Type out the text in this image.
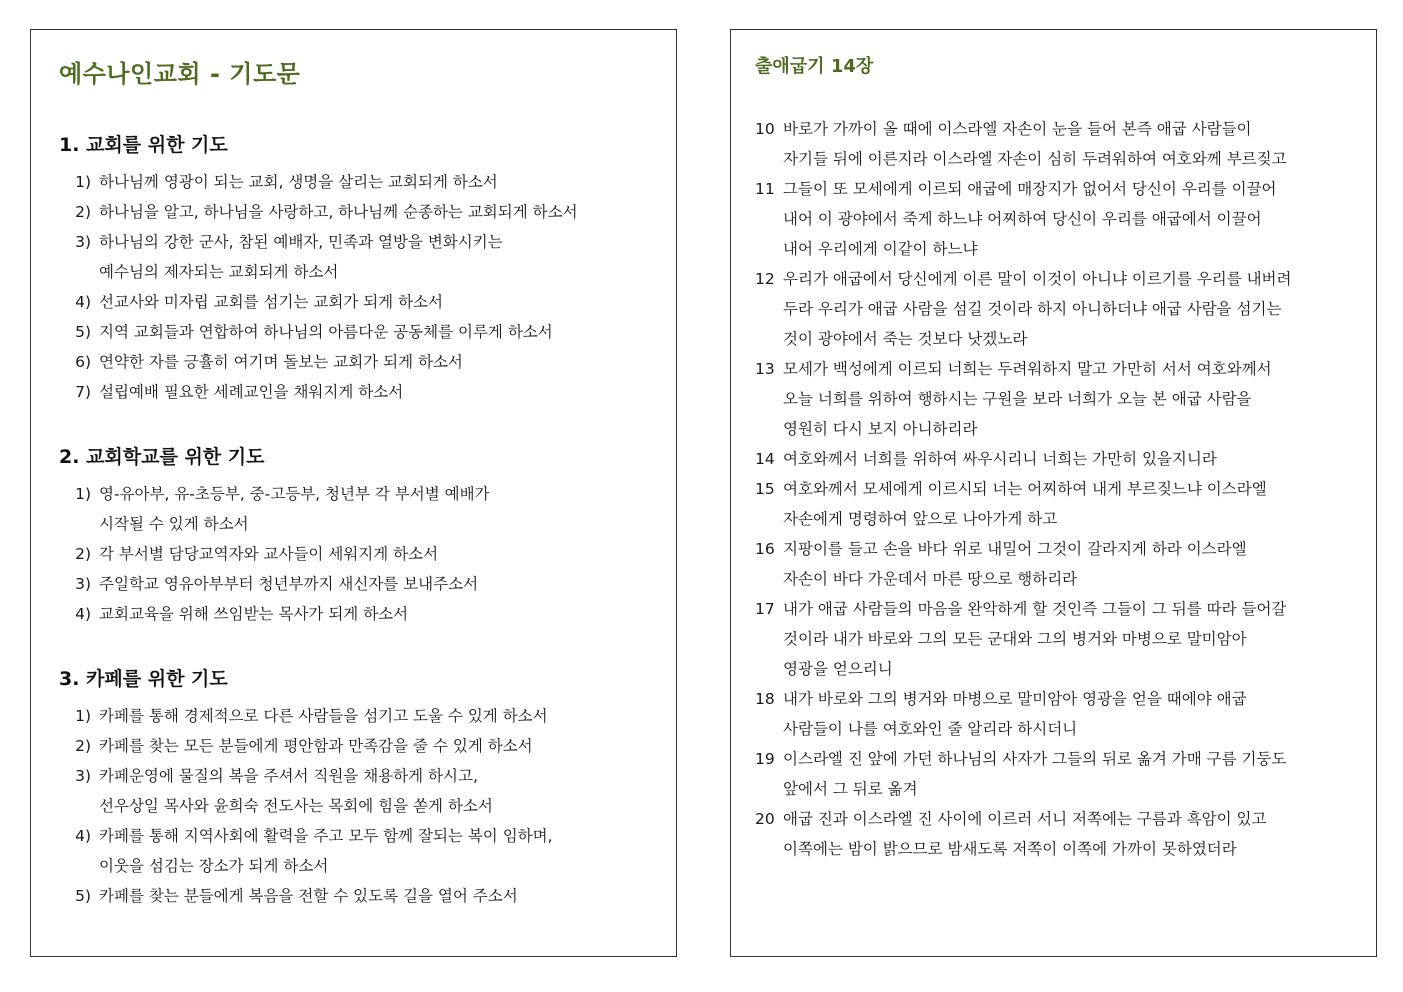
예수나인교회 - 기도문
1. 교회를 위한 기도
1) 하나님께 영광이 되는 교회, 생명을 살리는 교회되게 하소서
2) 하나님을 알고, 하나님을 사랑하고, 하나님께 순종하는 교회되게 하소서
3) 하나님의 강한 군사, 참된 예배자, 민족과 열방을 변화시키는
예수님의 제자되는 교회되게 하소서
4) 선교사와 미자립 교회를 섬기는 교회가 되게 하소서
5) 지역 교회들과 연합하여 하나님의 아름다운 공동체를 이루게 하소서
6) 연약한 자를 긍휼히 여기며 돌보는 교회가 되게 하소서
7) 설립예배 필요한 세례교인을 채워지게 하소서
2. 교회학교를 위한 기도
1) 영-유아부, 유-초등부, 중-고등부, 청년부 각 부서별 예배가
시작될 수 있게 하소서
2) 각 부서별 담당교역자와 교사들이 세워지게 하소서
3) 주일학교 영유아부부터 청년부까지 새신자를 보내주소서
4) 교회교육을 위해 쓰임받는 목사가 되게 하소서
3. 카페를 위한 기도
1) 카페를 통해 경제적으로 다른 사람들을 섬기고 도울 수 있게 하소서
2) 카페를 찾는 모든 분들에게 평안함과 만족감을 줄 수 있게 하소서
3) 카페운영에 물질의 복을 주셔서 직원을 채용하게 하시고,
선우상일 목사와 윤희숙 전도사는 목회에 힘을 쏟게 하소서
4) 카페를 통해 지역사회에 활력을 주고 모두 함께 잘되는 복이 임하며,
이웃을 섬김는 장소가 되게 하소서
5) 카페를 찾는 분들에게 복음을 전할 수 있도록 길을 열어 주소서
출애굽기 14장
10 바로가 가까이 올 때에 이스라엘 자손이 눈을 들어 본즉 애굽 사람들이
자기들 뒤에 이른지라 이스라엘 자손이 심히 두려워하여 여호와께 부르짖고
11 그들이 또 모세에게 이르되 애굽에 매장지가 없어서 당신이 우리를 이끌어
내어 이 광야에서 죽게 하느냐 어찌하여 당신이 우리를 애굽에서 이끌어
내어 우리에게 이같이 하느냐
12 우리가 애굽에서 당신에게 이른 말이 이것이 아니냐 이르기를 우리를 내버려
두라 우리가 애굽 사람을 섬길 것이라 하지 아니하더냐 애굽 사람을 섬기는
것이 광야에서 죽는 것보다 낫겠노라
13 모세가 백성에게 이르되 너희는 두려워하지 말고 가만히 서서 여호와께서
오늘 너희를 위하여 행하시는 구원을 보라 너희가 오늘 본 애굽 사람을
영원히 다시 보지 아니하리라
14 여호와께서 너희를 위하여 싸우시리니 너희는 가만히 있을지니라
15 여호와께서 모세에게 이르시되 너는 어찌하여 내게 부르짖느냐 이스라엘
자손에게 명령하여 앞으로 나아가게 하고
16 지팡이를 들고 손을 바다 위로 내밀어 그것이 갈라지게 하라 이스라엘
자손이 바다 가운데서 마른 땅으로 행하리라
17 내가 애굽 사람들의 마음을 완악하게 할 것인즉 그들이 그 뒤를 따라 들어갈
것이라 내가 바로와 그의 모든 군대와 그의 병거와 마병으로 말미암아
영광을 얻으리니
18 내가 바로와 그의 병거와 마병으로 말미암아 영광을 얻을 때에야 애굽
사람들이 나를 여호와인 줄 알리라 하시더니
19 이스라엘 진 앞에 가던 하나님의 사자가 그들의 뒤로 옮겨 가매 구름 기둥도
앞에서 그 뒤로 옮겨
20 애굽 진과 이스라엘 진 사이에 이르러 서니 저쪽에는 구름과 흑암이 있고
이쪽에는 밤이 밝으므로 밤새도록 저쪽이 이쪽에 가까이 못하였더라
